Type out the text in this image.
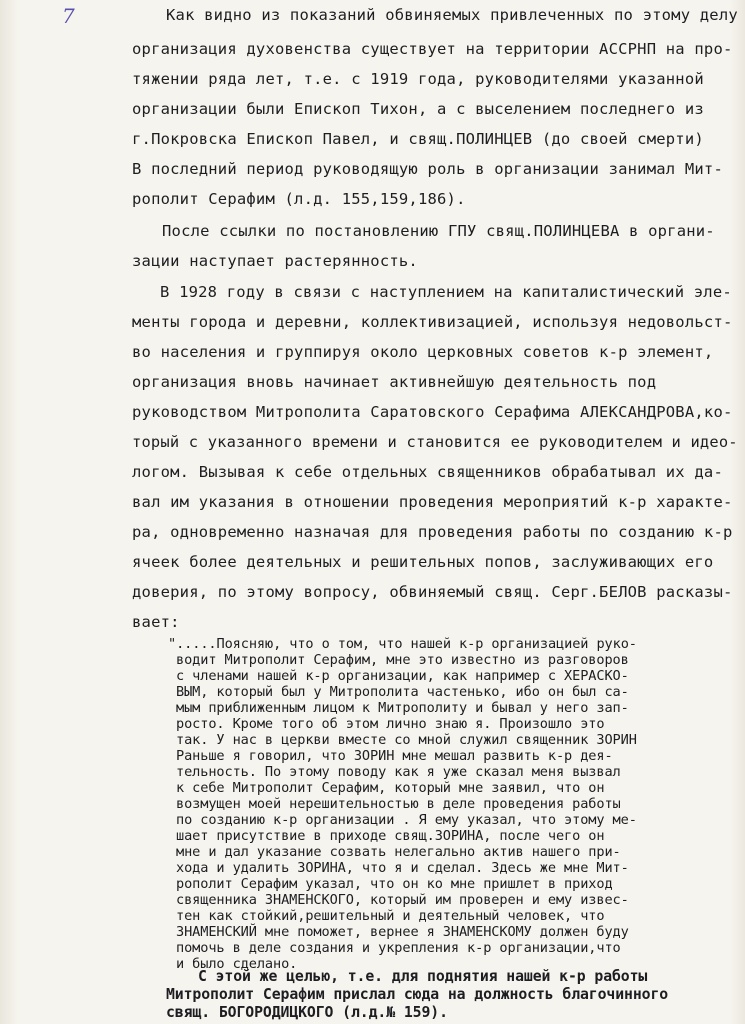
7	Как видно из показаний обвиняемых привлеченных по этому делу
организация духовенства существует на территории АССРНП на про-
тяжении ряда лет, т.е. с 1919 года, руководителями указанной
организации были Епископ Тихон, а с выселением последнего из
г.Покровска Епископ Павел, и свящ.ПОЛИНЦЕВ (до своей смерти)
В последний период руководящую роль в организации занимал Мит-
рополит Серафим (л.д. 155,159,186).
После ссылки по постановлению ГПУ свящ.ПОЛИНЦЕВА в органи-
зации наступает растерянность.
В 1928 году в связи с наступлением на капиталистический эле-
менты города и деревни, коллективизацией, используя недовольст-
во населения и группируя около церковных советов к-р элемент,
организация вновь начинает активнейшую деятельность под
руководством Митрополита Саратовского Серафима АЛЕКСАНДРОВА,ко-
торый с указанного времени и становится ее руководителем и идео-
логом. Вызывая к себе отдельных священников обрабатывал их да-
вал им указания в отношении проведения мероприятий к-р характе-
ра, одновременно назначая для проведения работы по созданию к-р
ячеек более деятельных и решительных попов, заслуживающих его
доверия, по этому вопросу, обвиняемый свящ. Серг.БЕЛОВ расказы-
вает:
".....Поясняю, что о том, что нашей к-р организацией руко-
водит Митрополит Серафим, мне это известно из разговоров
с членами нашей к-р организации, как например с ХЕРАСКО-
ВЫМ, который был у Митрополита частенько, ибо он был са-
мым приближенным лицом к Митрополиту и бывал у него зап-
росто. Кроме того об этом лично знаю я. Произошло это
так. У нас в церкви вместе со мной служил священник ЗОРИН
Раньше я говорил, что ЗОРИН мне мешал развить к-р дея-
тельность. По этому поводу как я уже сказал меня вызвал
к себе Митрополит Серафим, который мне заявил, что он
возмущен моей нерешительностью в деле проведения работы
по созданию к-р организации . Я ему указал, что этому ме-
шает присутствие в приходе свящ.ЗОРИНА, после чего он
мне и дал указание созвать нелегально актив нашего при-
хода и удалить ЗОРИНА, что я и сделал. Здесь же мне Мит-
рополит Серафим указал, что он ко мне пришлет в приход
священника ЗНАМЕНСКОГО, который им проверен и ему извес-
тен как стойкий,решительный и деятельный человек, что
ЗНАМЕНСКИЙ мне поможет, вернее я ЗНАМЕНСКОМУ должен буду
помочь в деле создания и укрепления к-р организации,что
и было сделано.
С этой же целью, т.е. для поднятия нашей к-р работы
Митрополит Серафим прислал сюда на должность благочинного
свящ. БОГОРОДИЦКОГО (л.д.№ 159).
